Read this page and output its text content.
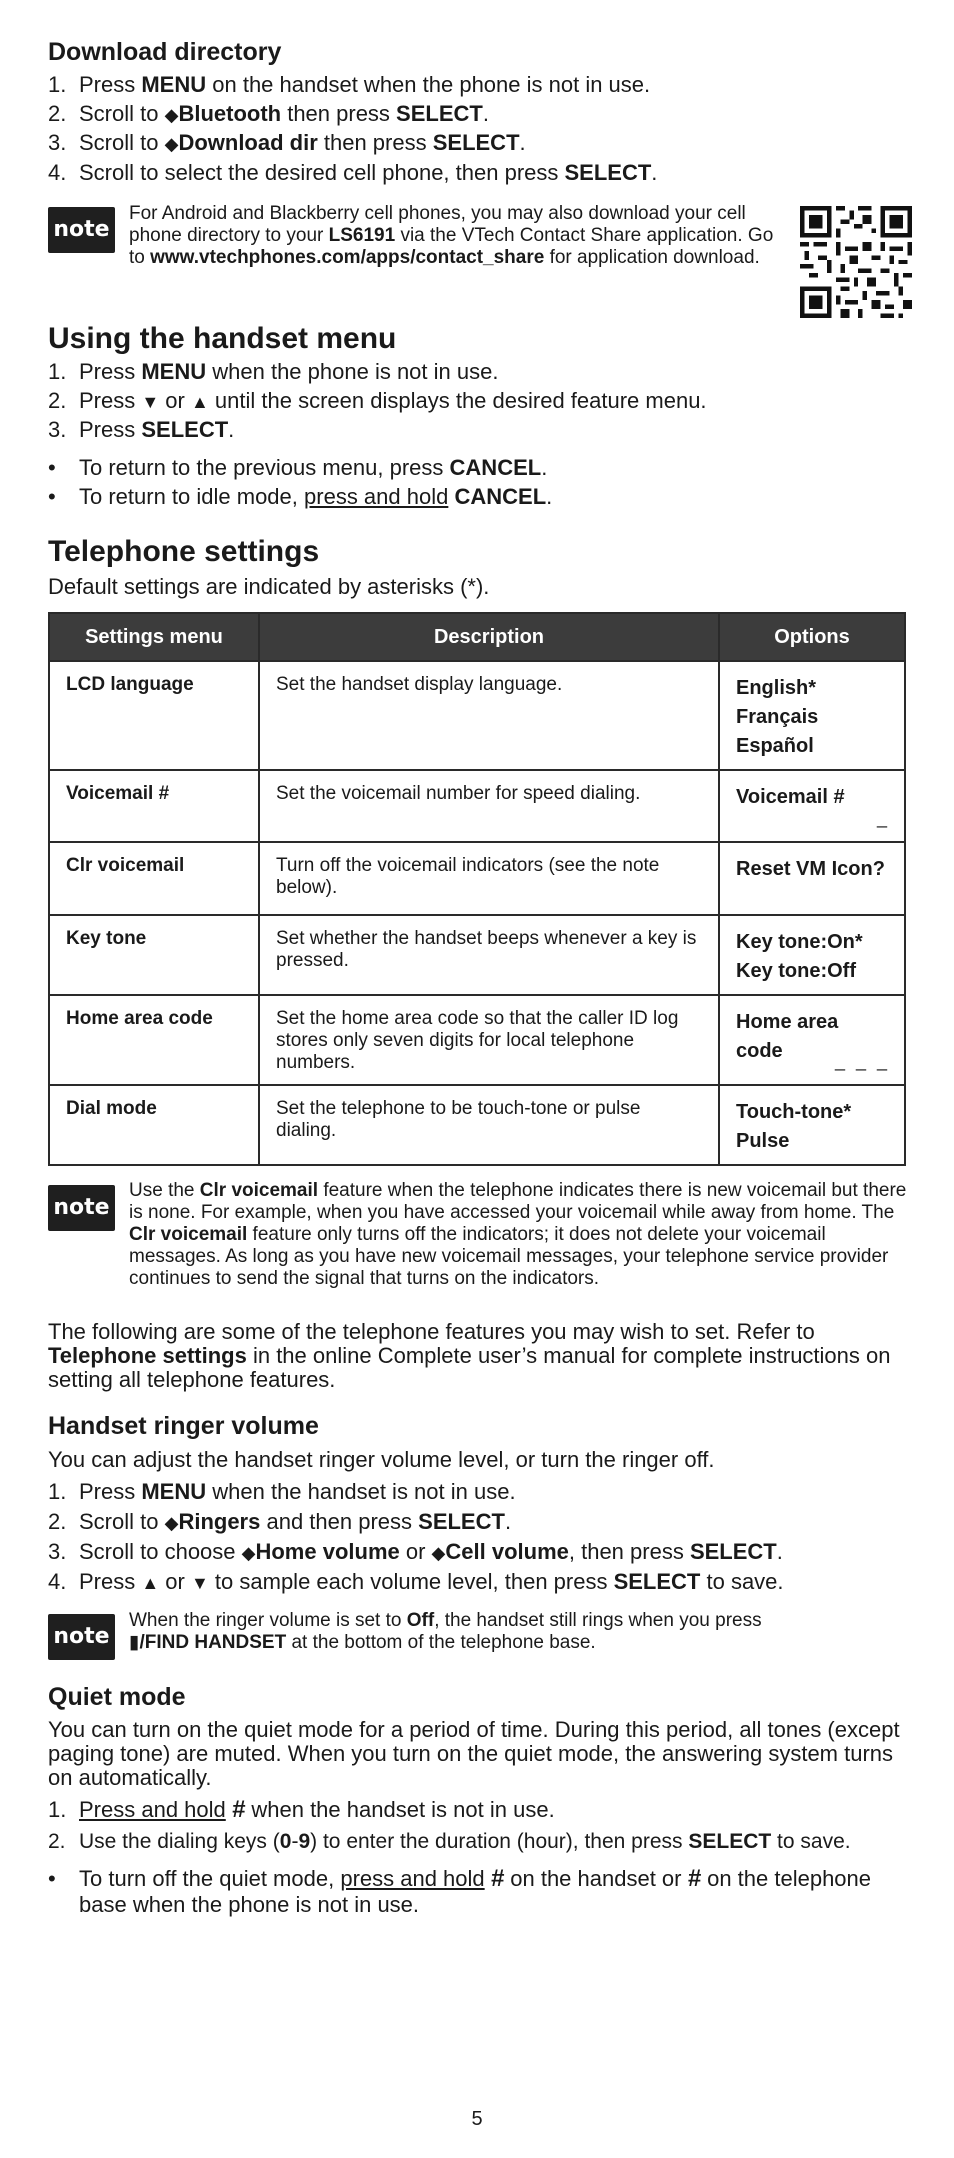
Download directory
1. Press MENU on the handset when the phone is not in use.
2. Scroll to ◆Bluetooth then press SELECT.
3. Scroll to ◆Download dir then press SELECT.
4. Scroll to select the desired cell phone, then press SELECT.
note
For Android and Blackberry cell phones, you may also download your cell phone directory to your LS6191 via the VTech Contact Share application. Go to www.vtechphones.com/apps/contact_share for application download.
Using the handset menu
1. Press MENU when the phone is not in use.
2. Press ▼ or ▲ until the screen displays the desired feature menu.
3. Press SELECT.
• To return to the previous menu, press CANCEL.
• To return to idle mode, press and hold CANCEL.
Telephone settings
Default settings are indicated by asterisks (*).
Settings menu	Description	Options
LCD language	Set the handset display language.	English*
Français
Español

Voicemail #	Set the voicemail number for speed dialing.	Voicemail #
_

Clr voicemail	Turn off the voicemail indicators (see the note below).	Reset VM Icon?

Key tone	Set whether the handset beeps whenever a key is pressed.	Key tone:On*
Key tone:Off

Home area code	Set the home area code so that the caller ID log stores only seven digits for local telephone numbers.	Home area code _ _ _

Dial mode	Set the telephone to be touch-tone or pulse dialing.	Touch-tone*
Pulse
note
Use the Clr voicemail feature when the telephone indicates there is new voicemail but there is none. For example, when you have accessed your voicemail while away from home. The Clr voicemail feature only turns off the indicators; it does not delete your voicemail messages. As long as you have new voicemail messages, your telephone service provider continues to send the signal that turns on the indicators.
The following are some of the telephone features you may wish to set. Refer to Telephone settings in the online Complete user’s manual for complete instructions on setting all telephone features.
Handset ringer volume
You can adjust the handset ringer volume level, or turn the ringer off.
1. Press MENU when the handset is not in use.
2. Scroll to ◆Ringers and then press SELECT.
3. Scroll to choose ◆Home volume or ◆Cell volume, then press SELECT.
4. Press ▲ or ▼ to sample each volume level, then press SELECT to save.
note
When the ringer volume is set to Off, the handset still rings when you press
▮/FIND HANDSET at the bottom of the telephone base.
Quiet mode
You can turn on the quiet mode for a period of time. During this period, all tones (except paging tone) are muted. When you turn on the quiet mode, the answering system turns on automatically.
1. Press and hold # when the handset is not in use.
2. Use the dialing keys (0-9) to enter the duration (hour), then press SELECT to save.
• To turn off the quiet mode, press and hold # on the handset or # on the telephone base when the phone is not in use.
5
